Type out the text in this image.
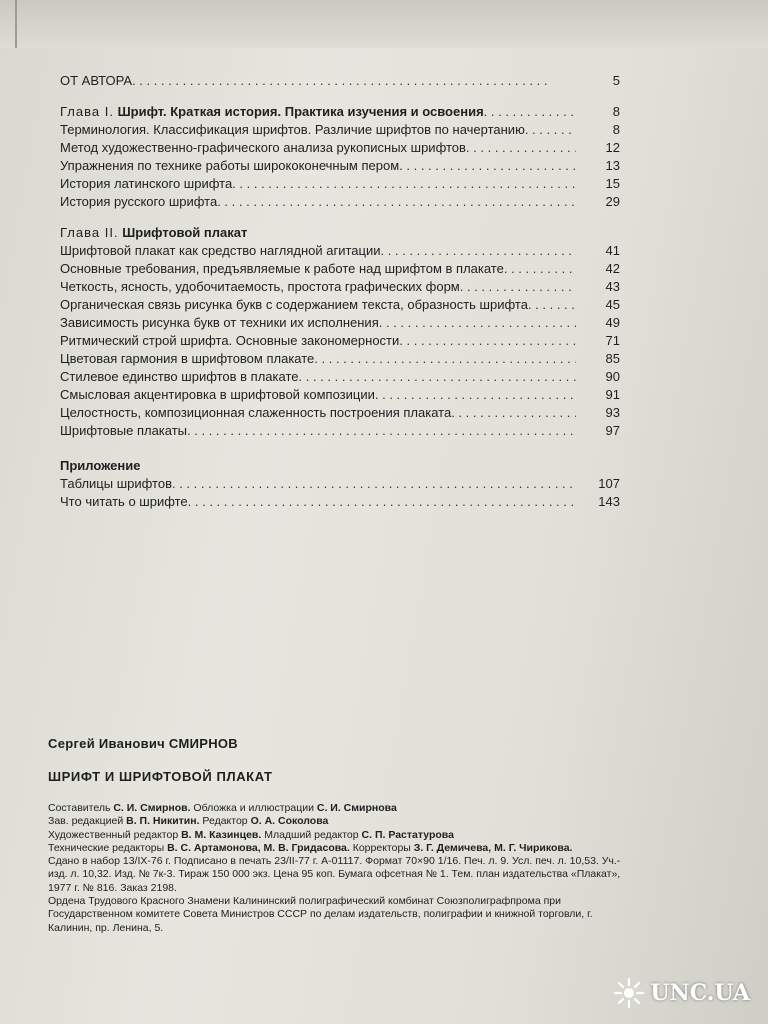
ОТ АВТОРА . . .	5
Глава I. Шрифт. Краткая история. Практика изучения и освоения . . .	8
Терминология. Классификация шрифтов. Различие шрифтов по начертанию . . .	8
Метод художественно-графического анализа рукописных шрифтов . . .	12
Упражнения по технике работы ширококонечным пером . . .	13
История латинского шрифта . . .	15
История русского шрифта . . .	29
Глава II. Шрифтовой плакат
Шрифтовой плакат как средство наглядной агитации . . .	41
Основные требования, предъявляемые к работе над шрифтом в плакате . . .	42
Четкость, ясность, удобочитаемость, простота графических форм . . .	43
Органическая связь рисунка букв с содержанием текста, образность шрифта . . .	45
Зависимость рисунка букв от техники их исполнения . . .	49
Ритмический строй шрифта. Основные закономерности . . .	71
Цветовая гармония в шрифтовом плакате . . .	85
Стилевое единство шрифтов в плакате . . .	90
Смысловая акцентировка в шрифтовой композиции . . .	91
Целостность, композиционная слаженность построения плаката . . .	93
Шрифтовые плакаты . . .	97
Приложение
Таблицы шрифтов . . .	107
Что читать о шрифте . . .	143
Сергей Иванович СМИРНОВ
ШРИФТ И ШРИФТОВОЙ ПЛАКАТ
Составитель С. И. Смирнов. Обложка и иллюстрации С. И. Смирнова
Зав. редакцией В. П. Никитин. Редактор О. А. Соколова
Художественный редактор В. М. Казинцев. Младший редактор С. П. Растатурова
Технические редакторы В. С. Артамонова, М. В. Гридасова. Корректоры З. Г. Демичева, М. Г. Чирикова.
Сдано в набор 13/IX-76 г. Подписано в печать 23/II-77 г. А-01117. Формат 70×90 1/16. Печ. л. 9. Усл. печ. л. 10,53. Уч.-изд. л. 10,32. Изд. № 7к-3. Тираж 150 000 экз. Цена 95 коп. Бумага офсетная № 1. Тем. план издательства «Плакат», 1977 г. № 816. Заказ 2198.
Ордена Трудового Красного Знамени Калининский полиграфический комбинат Союзполиграфпрома при Государственном комитете Совета Министров СССР по делам издательств, полиграфии и книжной торговли, г. Калинин, пр. Ленина, 5.
UNC.UA
